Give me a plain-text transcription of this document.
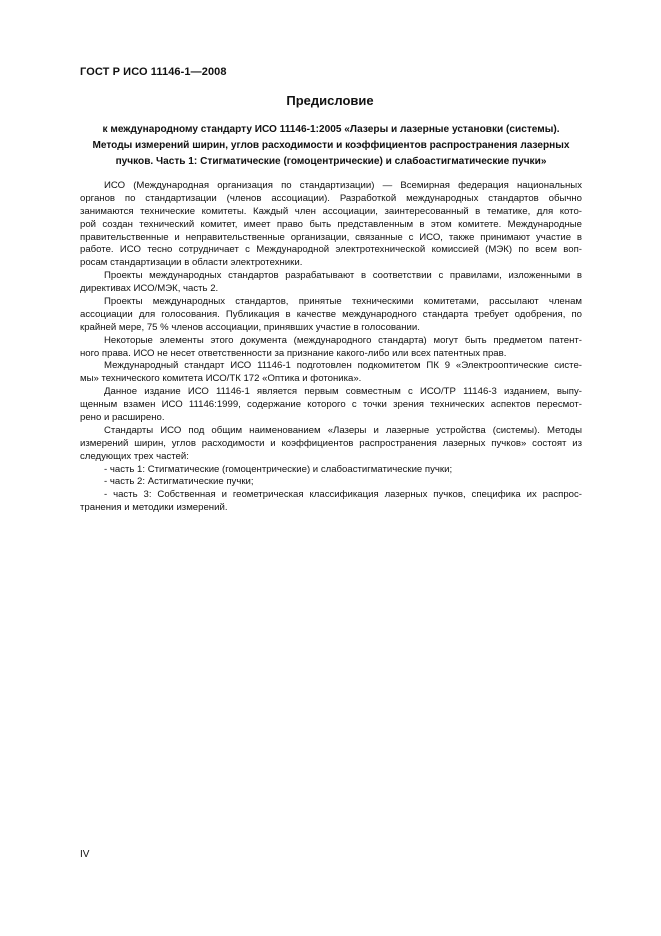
ГОСТ Р ИСО 11146-1—2008
Предисловие
к международному стандарту ИСО 11146-1:2005 «Лазеры и лазерные установки (системы).
Методы измерений ширин, углов расходимости и коэффициентов распространения лазерных
пучков. Часть 1: Стигматические (гомоцентрические) и слабоастигматические пучки»
ИСО (Международная организация по стандартизации) — Всемирная федерация национальных
органов по стандартизации (членов ассоциации). Разработкой международных стандартов обычно
занимаются технические комитеты. Каждый член ассоциации, заинтересованный в тематике, для кото-
рой создан технический комитет, имеет право быть представленным в этом комитете. Международные
правительственные и неправительственные организации, связанные с ИСО, также принимают участие в
работе. ИСО тесно сотрудничает с Международной электротехнической комиссией (МЭК) по всем воп-
росам стандартизации в области электротехники.
Проекты международных стандартов разрабатывают в соответствии с правилами, изложенными в
директивах ИСО/МЭК, часть 2.
Проекты международных стандартов, принятые техническими комитетами, рассылают членам
ассоциации для голосования. Публикация в качестве международного стандарта требует одобрения, по
крайней мере, 75 % членов ассоциации, принявших участие в голосовании.
Некоторые элементы этого документа (международного стандарта) могут быть предметом патент-
ного права. ИСО не несет ответственности за признание какого-либо или всех патентных прав.
Международный стандарт ИСО 11146-1 подготовлен подкомитетом ПК 9 «Электрооптические систе-
мы» технического комитета ИСО/ТК 172 «Оптика и фотоника».
Данное издание ИСО 11146-1 является первым совместным с ИСО/ТР 11146-3 изданием, выпу-
щенным взамен ИСО 11146:1999, содержание которого с точки зрения технических аспектов пересмот-
рено и расширено.
Стандарты ИСО под общим наименованием «Лазеры и лазерные устройства (системы). Методы
измерений ширин, углов расходимости и коэффициентов распространения лазерных пучков» состоят из
следующих трех частей:
- часть 1: Стигматические (гомоцентрические) и слабоастигматические пучки;
- часть 2: Астигматические пучки;
- часть 3: Собственная и геометрическая классификация лазерных пучков, специфика их распрос-
транения и методики измерений.
IV
